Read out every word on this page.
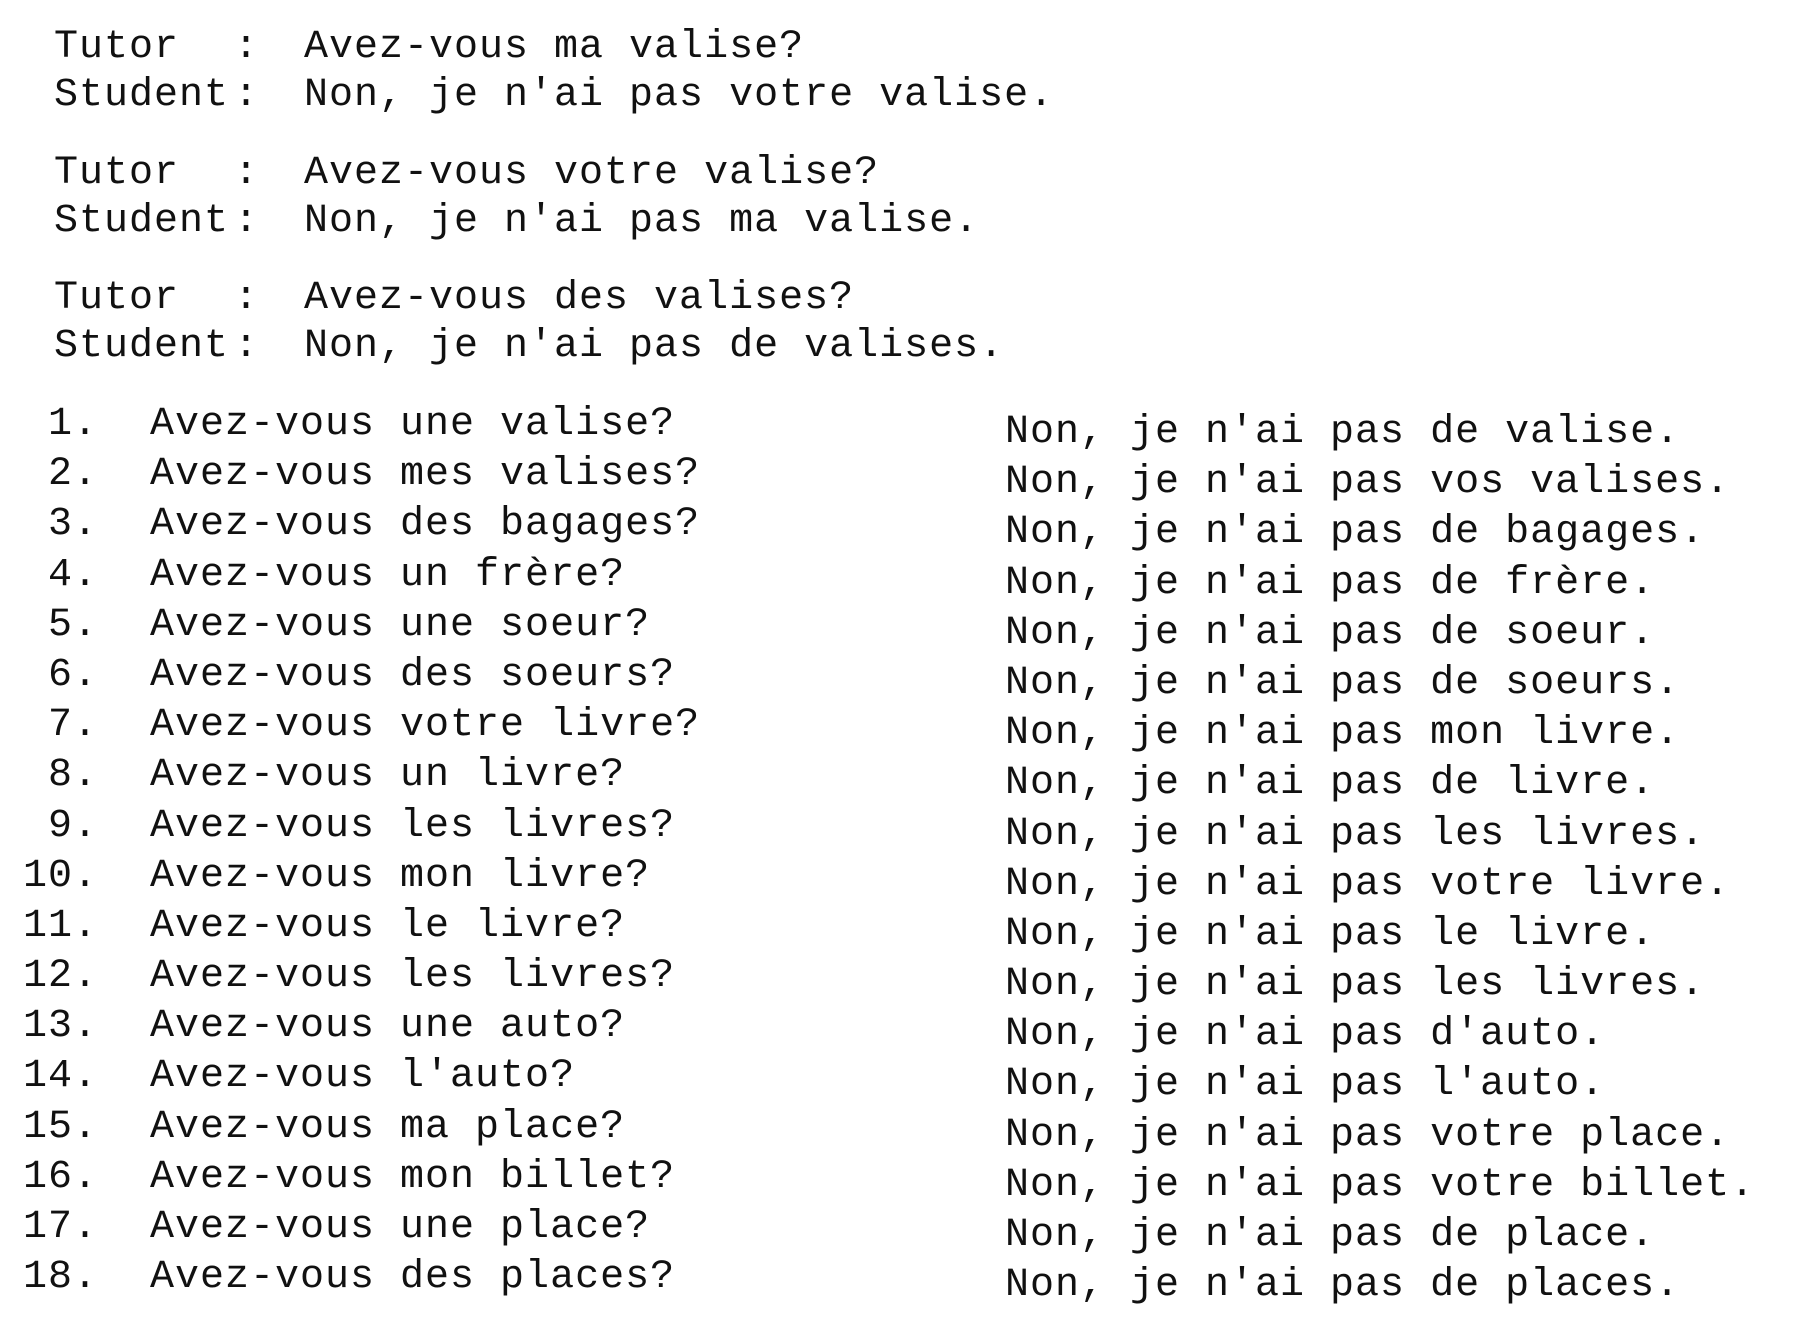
Tutor : Avez-vous ma valise?
Student : Non, je n'ai pas votre valise.
Tutor : Avez-vous votre valise?
Student : Non, je n'ai pas ma valise.
Tutor : Avez-vous des valises?
Student : Non, je n'ai pas de valises.
1. Avez-vous une valise?	Non, je n'ai pas de valise.
2. Avez-vous mes valises?	Non, je n'ai pas vos valises.
3. Avez-vous des bagages?	Non, je n'ai pas de bagages.
4. Avez-vous un frère?	Non, je n'ai pas de frère.
5. Avez-vous une soeur?	Non, je n'ai pas de soeur.
6. Avez-vous des soeurs?	Non, je n'ai pas de soeurs.
7. Avez-vous votre livre?	Non, je n'ai pas mon livre.
8. Avez-vous un livre?	Non, je n'ai pas de livre.
9. Avez-vous les livres?	Non, je n'ai pas les livres.
10. Avez-vous mon livre?	Non, je n'ai pas votre livre.
11. Avez-vous le livre?	Non, je n'ai pas le livre.
12. Avez-vous les livres?	Non, je n'ai pas les livres.
13. Avez-vous une auto?	Non, je n'ai pas d'auto.
14. Avez-vous l'auto?	Non, je n'ai pas l'auto.
15. Avez-vous ma place?	Non, je n'ai pas votre place.
16. Avez-vous mon billet?	Non, je n'ai pas votre billet.
17. Avez-vous une place?	Non, je n'ai pas de place.
18. Avez-vous des places?	Non, je n'ai pas de places.
